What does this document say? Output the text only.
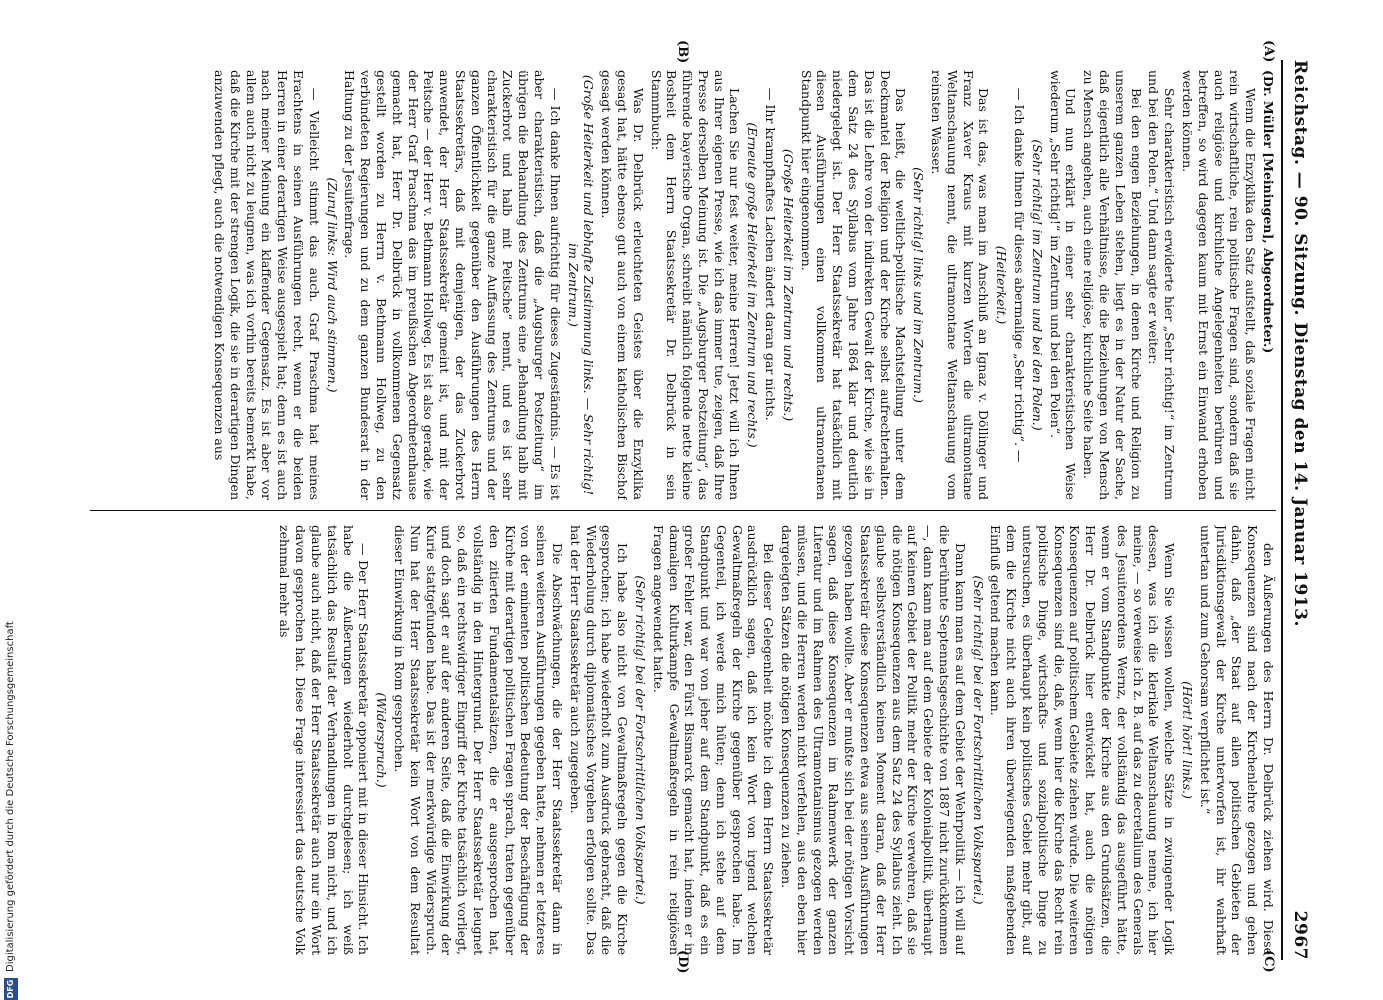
Reichstag. — 90. Sitzung. Dienstag den 14. Januar 1913.
2967
(A)
(B)
(C)
(D)

(Dr. Müller [Meiningen], Abgeordneter.)

Wenn die Enzyklika den Satz aufstellt, daß soziale Fragen nicht rein wirtschaftliche, rein politische Fragen sind, sondern daß sie auch religiöse und kirchliche Angelegenheiten berühren und betreffen, so wird dagegen kaum mit Ernst ein Einwand erhoben werden können.

Sehr charakteristisch erwiderte hier „Sehr richtig!“ im Zentrum und bei den Polen.“ Und dann sagte er weiter:

Bei den engen Beziehungen, in denen Kirche und Religion zu unserem ganzen Leben stehen, liegt es in der Natur der Sache, daß eigentlich alle Verhältnisse, die die Beziehungen von Mensch zu Mensch angehen, auch eine religiöse, kirchliche Seite haben.

Und nun erklärt in einer sehr charakteristischen Weise wiederum „Sehr richtig!“ im Zentrum und bei den Polen“.

(Sehr richtig! im Zentrum und bei den Polen.)

— Ich danke Ihnen für dieses abermalige „Sehr richtig“. —

(Heiterkeit.)

Das ist das, was man im Anschluß an Ignaz v. Döllinger und Franz Xaver Kraus mit kurzen Worten die ultramontane Weltanschauung nennt, die ultramontane Weltanschauung vom reinsten Wasser.

(Sehr richtig! links und im Zentrum.)

Das heißt, die weltlich-politische Machtstellung unter dem Deckmantel der Religion und der Kirche selbst aufrechterhalten. Das ist die Lehre von der indirekten Gewalt der Kirche, wie sie in dem Satz 24 des Syllabus vom Jahre 1864 klar und deutlich niedergelegt ist. Der Herr Staatssekretär hat tatsächlich mit diesen Ausführungen einen vollkommen ultramontanen Standpunkt hier eingenommen.

(Große Heiterkeit im Zentrum und rechts.)

— Ihr krampfhaftes Lachen ändert daran gar nichts.

(Erneute große Heiterkeit im Zentrum und rechts.)

Lachen Sie nur fest weiter, meine Herren! Jetzt will ich Ihnen aus Ihrer eigenen Presse, wie ich das immer tue, zeigen, daß Ihre Presse derselben Meinung ist. Die „Augsburger Postzeitung“, das führende bayerische Organ, schreibt nämlich folgende nette kleine Bosheit dem Herrn Staatssekretär Dr. Delbrück in sein Stammbuch:

Was Dr. Delbrück erleuchteten Geistes über die Enzyklika gesagt hat, hätte ebenso gut auch von einem katholischen Bischof gesagt werden können.

(Große Heiterkeit und lebhafte Zustimmung links. — Sehr richtig! im Zentrum.)

— Ich danke Ihnen aufrichtig für dieses Zugeständnis. — Es ist aber charakteristisch, daß die „Augsburger Postzeitung“ im übrigen die Behandlung des Zentrums eine „Behandlung halb mit Zuckerbrot und halb mit Peitsche“ nennt, und es ist sehr charakteristisch für die ganze Auffassung des Zentrums und der ganzen Öffentlichkeit gegenüber den Ausführungen des Herrn Staatssekretärs, daß mit demjenigen, der das Zuckerbrot anwendet, der Herr Staatssekretär gemeint ist, und mit der Peitsche — der Herr v. Bethmann Hollweg. Es ist also gerade, wie der Herr Graf Praschma das im preußischen Abgeordnetenhause gemacht hat, Herr Dr. Delbrück in vollkommenen Gegensatz gestellt worden zu Herrn v. Bethmann Hollweg, zu den verbündeten Regierungen und zu dem ganzen Bundesrat in der Haltung zu der Jesuitenfrage.

(Zuruf links: Wird auch stimmen.)

— Vielleicht stimmt das auch. Graf Praschma hat meines Erachtens in seinen Ausführungen recht, wenn er die beiden Herren in einer derartigen Weise ausgespielt hat; denn es ist auch nach meiner Meinung ein klaffender Gegensatz. Es ist aber vor allem auch nicht zu leugnen, was ich vorhin bereits bemerkt habe, daß die Kirche mit der strengen Logik, die sie in derartigen Dingen anzuwenden pflegt, auch die notwendigen Konsequenzen aus

den Äußerungen des Herrn Dr. Delbrück ziehen wird. Diese Konsequenzen sind nach der Kirchenlehre gezogen und gehen dahin, daß „der Staat auf allen politischen Gebieten der Jurisdiktionsgewalt der Kirche unterworfen ist, ihr wahrhaft untertan und zum Gehorsam verpflichtet ist.“

(Hört! hört! links.)

Wenn Sie wissen wollen, welche Sätze in zwingender Logik dessen, was ich die klerikale Weltanschauung nenne, ich hier meine, — so verweise ich z. B. auf das zu decretalium des Generals des Jesuitenordens Wernz, der vollständig das ausgeführt hätte, wenn er vom Standpunkte der Kirche aus den Grundsätzen, die Herr Dr. Delbrück hier entwickelt hat, auch die nötigen Konsequenzen auf politischem Gebiete ziehen würde. Die weiteren Konsequenzen sind die, daß, wenn hier die Kirche das Recht rein politische Dinge, wirtschafts- und sozialpolitische Dinge zu untersuchen, es überhaupt kein politisches Gebiet mehr gibt, auf dem die Kirche nicht auch ihren überwiegenden maßgebenden Einfluß geltend machen kann.

(Sehr richtig! bei der Fortschrittlichen Volkspartei.)

Dann kann man es auf dem Gebiet der Wehrpolitik — ich will auf die berühmte Septennatsgeschichte von 1887 nicht zurückkommen —, dann kann man auf dem Gebiete der Kolonialpolitik, überhaupt auf keinem Gebiet der Politik mehr der Kirche verwehren, daß sie die nötigen Konsequenzen aus dem Satz 24 des Syllabus zieht. Ich glaube selbstverständlich keinen Moment daran, daß der Herr Staatssekretär diese Konsequenzen etwa aus seinen Ausführungen gezogen haben wollte. Aber er mußte sich bei der nötigen Vorsicht sagen, daß diese Konsequenzen im Rahmenwerk der ganzen Literatur und im Rahmen des Ultramontanismus gezogen werden müssen, und die Herren werden nicht verfehlen, aus den eben hier dargelegten Sätzen die nötigen Konsequenzen zu ziehen.

Bei dieser Gelegenheit möchte ich dem Herrn Staatssekretär ausdrücklich sagen, daß ich kein Wort von irgend welchen Gewaltmaßregeln der Kirche gegenüber gesprochen habe. Im Gegenteil, ich werde mich hüten; denn ich stehe auf dem Standpunkt und war von jeher auf dem Standpunkt, daß es ein großer Fehler war, den Fürst Bismarck gemacht hat, indem er in damaligen Kulturkampfe Gewaltmaßregeln in rein religiösen Fragen angewendet hatte.

(Sehr richtig! bei der Fortschrittlichen Volkspartei.)

Ich habe also nicht von Gewaltmaßregeln gegen die Kirche gesprochen; ich habe wiederholt zum Ausdruck gebracht, daß die Wiederholung durch diplomatisches Vorgehen erfolgen sollte. Das hat der Herr Staatssekretär auch zugegeben.

Die Abschwächungen, die der Herr Staatssekretär dann in seinen weiteren Ausführungen gegeben hatte, nehmen er letzteres von der eminenten politischen Bedeutung der Beschäftigung der Kirche mit derartigen politischen Fragen sprach, traten gegenüber den zitierten Fundamentalsätzen, die er ausgesprochen hat, vollständig in den Hintergrund. Der Herr Staatssekretär leugnet so, daß ein rechtswidriger Eingriff der Kirche tatsächlich vorliegt, und doch sagt er auf der anderen Seite, daß die Einwirkung der Kurie stattgefunden habe. Das ist der merkwürdige Widerspruch. Nun hat der Herr Staatssekretär kein Wort von dem Resultat dieser Einwirkung in Rom gesprochen.

(Widerspruch.)

— Der Herr Staatssekretär opponiert mit in dieser Hinsicht. Ich habe die Äußerungen wiederholt durchgelesen; ich weiß tatsächlich das Resultat der Verhandlungen in Rom nicht, und ich glaube auch nicht, daß der Herr Staatssekretär auch nur ein Wort davon gesprochen hat. Diese Frage interessiert das deutsche Volk zehnmal mehr als

DFG
Digitalisierung gefördert durch die Deutsche Forschungsgemeinschaft
